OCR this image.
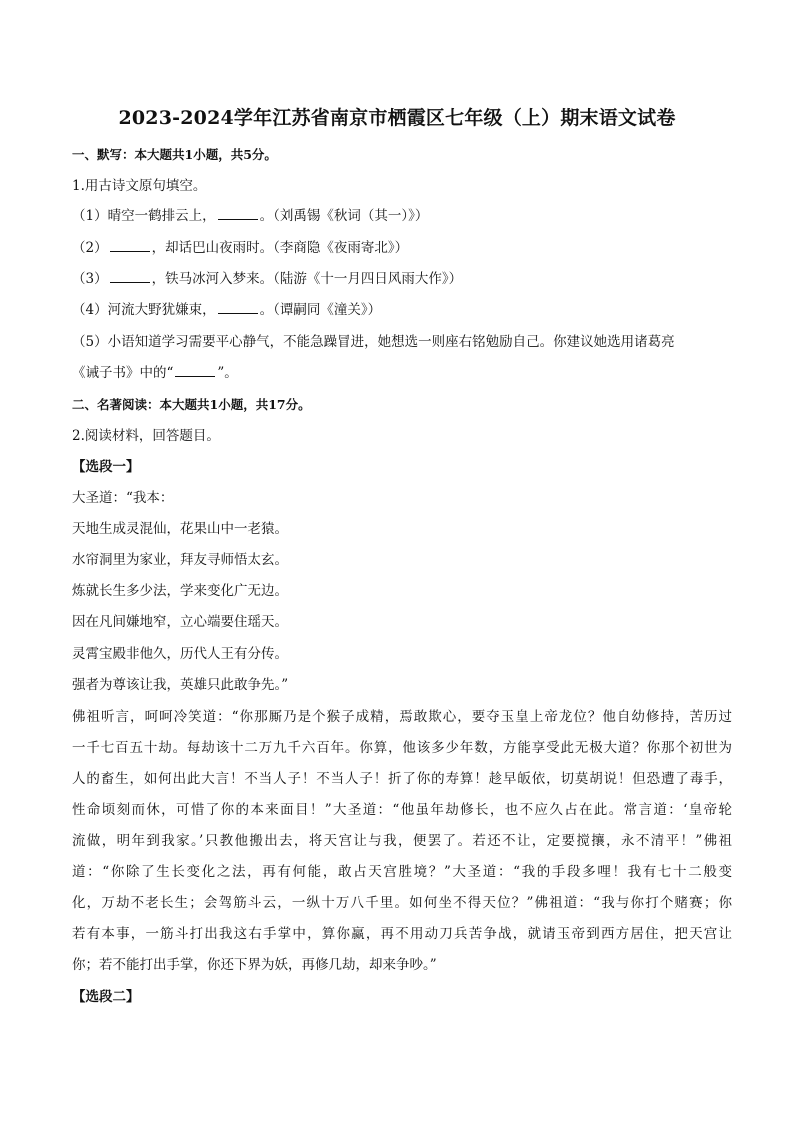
2023-2024学年江苏省南京市栖霞区七年级（上）期末语文试卷
一、默写：本大题共1小题，共5分。
1.用古诗文原句填空。
（1）晴空一鹤排云上，	。（刘禹锡《秋词（其一）》）
（2）	，却话巴山夜雨时。（李商隐《夜雨寄北》）
（3）	，铁马冰河入梦来。（陆游《十一月四日风雨大作》）
（4）河流大野犹嫌束，	。（谭嗣同《潼关》）
（5）小语知道学习需要平心静气，不能急躁冒进，她想选一则座右铭勉励自己。你建议她选用诸葛亮
《诫子书》中的“	”。
二、名著阅读：本大题共1小题，共17分。
2.阅读材料，回答题目。
【选段一】
大圣道：“我本：
天地生成灵混仙，花果山中一老猿。
水帘洞里为家业，拜友寻师悟太玄。
炼就长生多少法，学来变化广无边。
因在凡间嫌地窄，立心端要住瑶天。
灵霄宝殿非他久，历代人王有分传。
强者为尊该让我，英雄只此敢争先。”
佛祖听言，呵呵冷笑道：“你那厮乃是个猴子成精，焉敢欺心，要夺玉皇上帝龙位？他自幼修持，苦历过
一千七百五十劫。每劫该十二万九千六百年。你算，他该多少年数，方能享受此无极大道？你那个初世为
人的畜生，如何出此大言！不当人子！不当人子！折了你的寿算！趁早皈依，切莫胡说！但恐遭了毒手，
性命顷刻而休，可惜了你的本来面目！”大圣道：“他虽年劫修长，也不应久占在此。常言道：‘皇帝轮
流做，明年到我家。’只教他搬出去，将天宫让与我，便罢了。若还不让，定要搅攘，永不清平！”佛祖
道：“你除了生长变化之法，再有何能，敢占天宫胜境？”大圣道：“我的手段多哩！我有七十二般变
化，万劫不老长生；会驾筋斗云，一纵十万八千里。如何坐不得天位？”佛祖道：“我与你打个赌赛；你
若有本事，一筋斗打出我这右手掌中，算你赢，再不用动刀兵苦争战，就请玉帝到西方居住，把天宫让
你；若不能打出手掌，你还下界为妖，再修几劫，却来争吵。”
【选段二】
